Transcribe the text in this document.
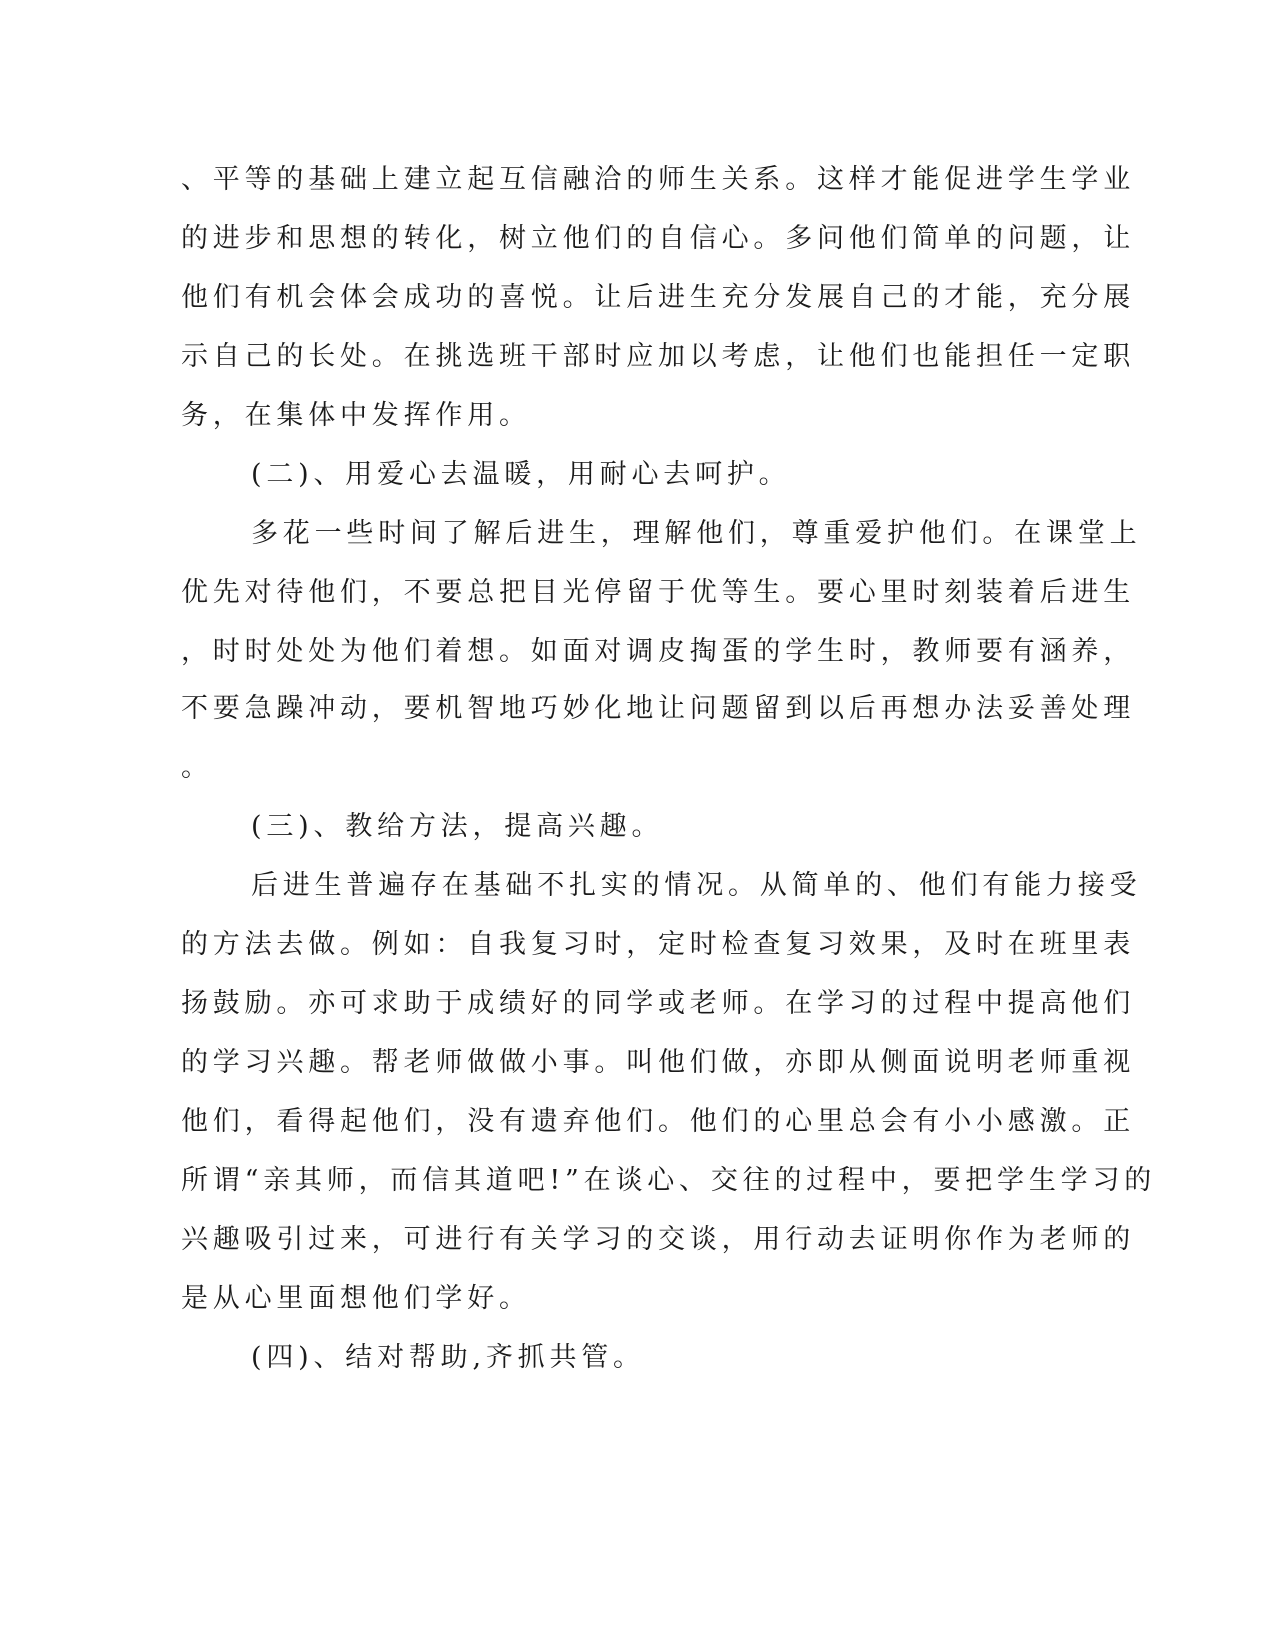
、平等的基础上建立起互信融洽的师生关系。这样才能促进学生学业
的进步和思想的转化，树立他们的自信心。多问他们简单的问题，让
他们有机会体会成功的喜悦。让后进生充分发展自己的才能，充分展
示自己的长处。在挑选班干部时应加以考虑，让他们也能担任一定职
务，在集体中发挥作用。
(二)、用爱心去温暖，用耐心去呵护。
多花一些时间了解后进生，理解他们，尊重爱护他们。在课堂上
优先对待他们，不要总把目光停留于优等生。要心里时刻装着后进生
，时时处处为他们着想。如面对调皮掏蛋的学生时，教师要有涵养，
不要急躁冲动，要机智地巧妙化地让问题留到以后再想办法妥善处理
。
(三)、教给方法，提高兴趣。
后进生普遍存在基础不扎实的情况。从简单的、他们有能力接受
的方法去做。例如：自我复习时，定时检查复习效果，及时在班里表
扬鼓励。亦可求助于成绩好的同学或老师。在学习的过程中提高他们
的学习兴趣。帮老师做做小事。叫他们做，亦即从侧面说明老师重视
他们，看得起他们，没有遗弃他们。他们的心里总会有小小感激。正
所谓“亲其师，而信其道吧!”在谈心、交往的过程中，要把学生学习的
兴趣吸引过来，可进行有关学习的交谈，用行动去证明你作为老师的
是从心里面想他们学好。
(四)、结对帮助,齐抓共管。
